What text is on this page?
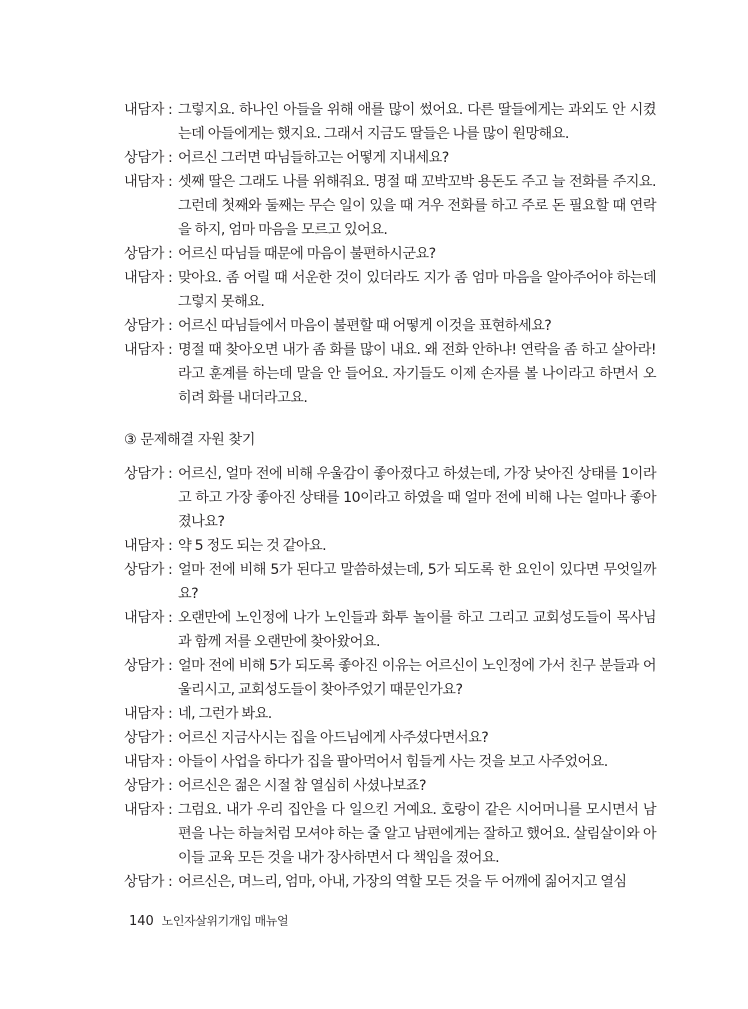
내담자 : 그렇지요. 하나인 아들을 위해 애를 많이 썼어요. 다른 딸들에게는 과외도 안 시켰는데 아들에게는 했지요. 그래서 지금도 딸들은 나를 많이 원망해요.
상담가 : 어르신 그러면 따님들하고는 어떻게 지내세요?
내담자 : 셋째 딸은 그래도 나를 위해줘요. 명절 때 꼬박꼬박 용돈도 주고 늘 전화를 주지요. 그런데 첫째와 둘째는 무슨 일이 있을 때 겨우 전화를 하고 주로 돈 필요할 때 연락을 하지, 엄마 마음을 모르고 있어요.
상담가 : 어르신 따님들 때문에 마음이 불편하시군요?
내담자 : 맞아요. 좀 어릴 때 서운한 것이 있더라도 지가 좀 엄마 마음을 알아주어야 하는데 그렇지 못해요.
상담가 : 어르신 따님들에서 마음이 불편할 때 어떻게 이것을 표현하세요?
내담자 : 명절 때 찾아오면 내가 좀 화를 많이 내요. 왜 전화 안하냐! 연락을 좀 하고 살아라!라고 훈계를 하는데 말을 안 들어요. 자기들도 이제 손자를 볼 나이라고 하면서 오히려 화를 내더라고요.
③ 문제해결 자원 찾기
상담가 : 어르신, 얼마 전에 비해 우울감이 좋아졌다고 하셨는데, 가장 낮아진 상태를 1이라고 하고 가장 좋아진 상태를 10이라고 하였을 때 얼마 전에 비해 나는 얼마나 좋아졌나요?
내담자 : 약 5 정도 되는 것 같아요.
상담가 : 얼마 전에 비해 5가 된다고 말씀하셨는데, 5가 되도록 한 요인이 있다면 무엇일까요?
내담자 : 오랜만에 노인정에 나가 노인들과 화투 놀이를 하고 그리고 교회성도들이 목사님과 함께 저를 오랜만에 찾아왔어요.
상담가 : 얼마 전에 비해 5가 되도록 좋아진 이유는 어르신이 노인정에 가서 친구 분들과 어울리시고, 교회성도들이 찾아주었기 때문인가요?
내담자 : 네, 그런가 봐요.
상담가 : 어르신 지금사시는 집을 아드님에게 사주셨다면서요?
내담자 : 아들이 사업을 하다가 집을 팔아먹어서 힘들게 사는 것을 보고 사주었어요.
상담가 : 어르신은 젊은 시절 참 열심히 사셨나보죠?
내담자 : 그럼요. 내가 우리 집안을 다 일으킨 거예요. 호랑이 같은 시어머니를 모시면서 남편을 나는 하늘처럼 모셔야 하는 줄 알고 남편에게는 잘하고 했어요. 살림살이와 아이들 교육 모든 것을 내가 장사하면서 다 책임을 졌어요.
상담가 : 어르신은, 며느리, 엄마, 아내, 가장의 역할 모든 것을 두 어깨에 짊어지고 열심
140 노인자살위기개입 매뉴얼
